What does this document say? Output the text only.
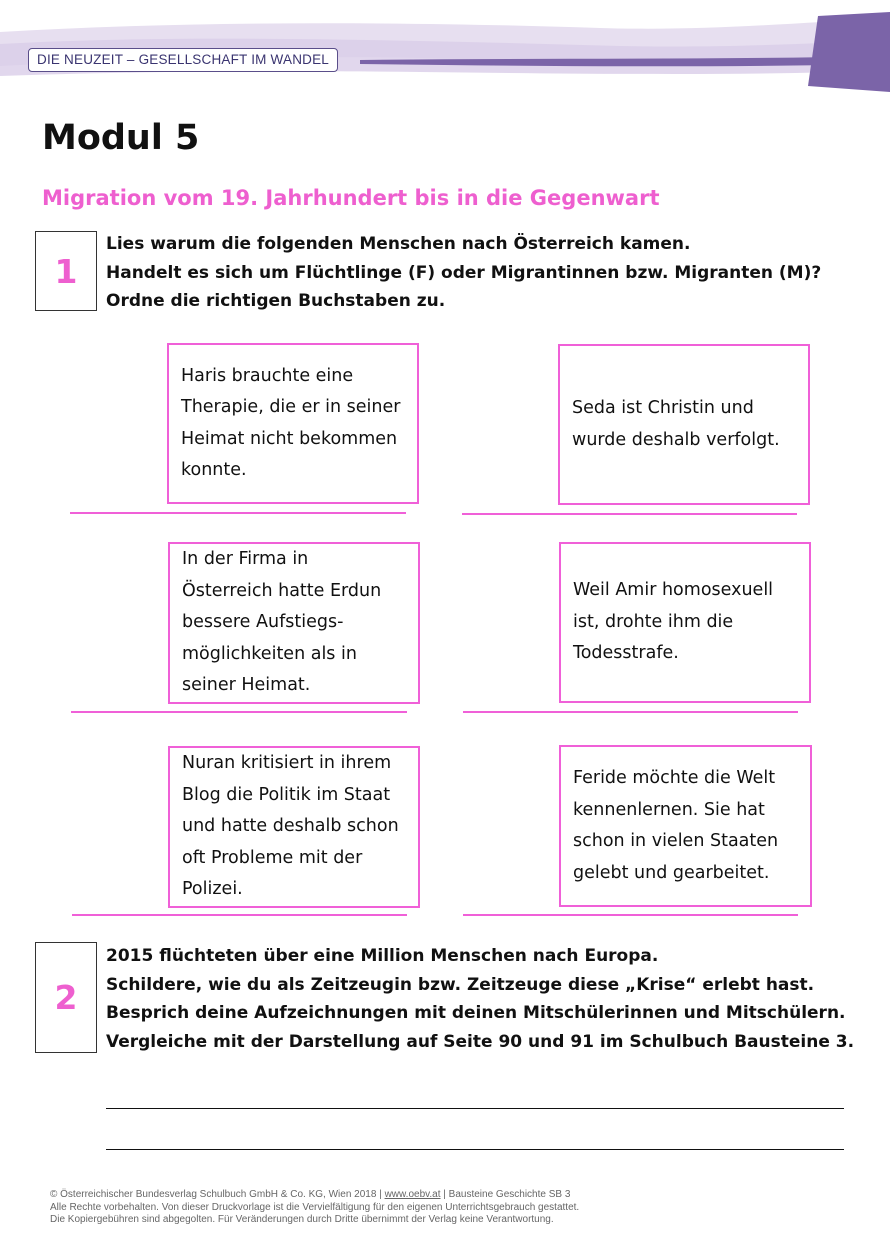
DIE NEUZEIT – GESELLSCHAFT IM WANDEL
Modul 5
Migration vom 19. Jahrhundert bis in die Gegenwart
1
Lies warum die folgenden Menschen nach Österreich kamen.
Handelt es sich um Flüchtlinge (F) oder Migrantinnen bzw. Migranten (M)?
Ordne die richtigen Buchstaben zu.
Haris brauchte eine
Therapie, die er in seiner
Heimat nicht bekommen
konnte.
Seda ist Christin und
wurde deshalb verfolgt.
In der Firma in
Österreich hatte Erdun
bessere Aufstiegs-
möglichkeiten als in
seiner Heimat.
Weil Amir homosexuell
ist, drohte ihm die
Todesstrafe.
Nuran kritisiert in ihrem
Blog die Politik im Staat
und hatte deshalb schon
oft Probleme mit der
Polizei.
Feride möchte die Welt
kennenlernen. Sie hat
schon in vielen Staaten
gelebt und gearbeitet.
2
2015 flüchteten über eine Million Menschen nach Europa.
Schildere, wie du als Zeitzeugin bzw. Zeitzeuge diese „Krise“ erlebt hast.
Besprich deine Aufzeichnungen mit deinen Mitschülerinnen und Mitschülern.
Vergleiche mit der Darstellung auf Seite 90 und 91 im Schulbuch Bausteine 3.
© Österreichischer Bundesverlag Schulbuch GmbH & Co. KG, Wien 2018 | www.oebv.at | Bausteine Geschichte SB 3
Alle Rechte vorbehalten. Von dieser Druckvorlage ist die Vervielfältigung für den eigenen Unterrichtsgebrauch gestattet.
Die Kopiergebühren sind abgegolten. Für Veränderungen durch Dritte übernimmt der Verlag keine Verantwortung.
